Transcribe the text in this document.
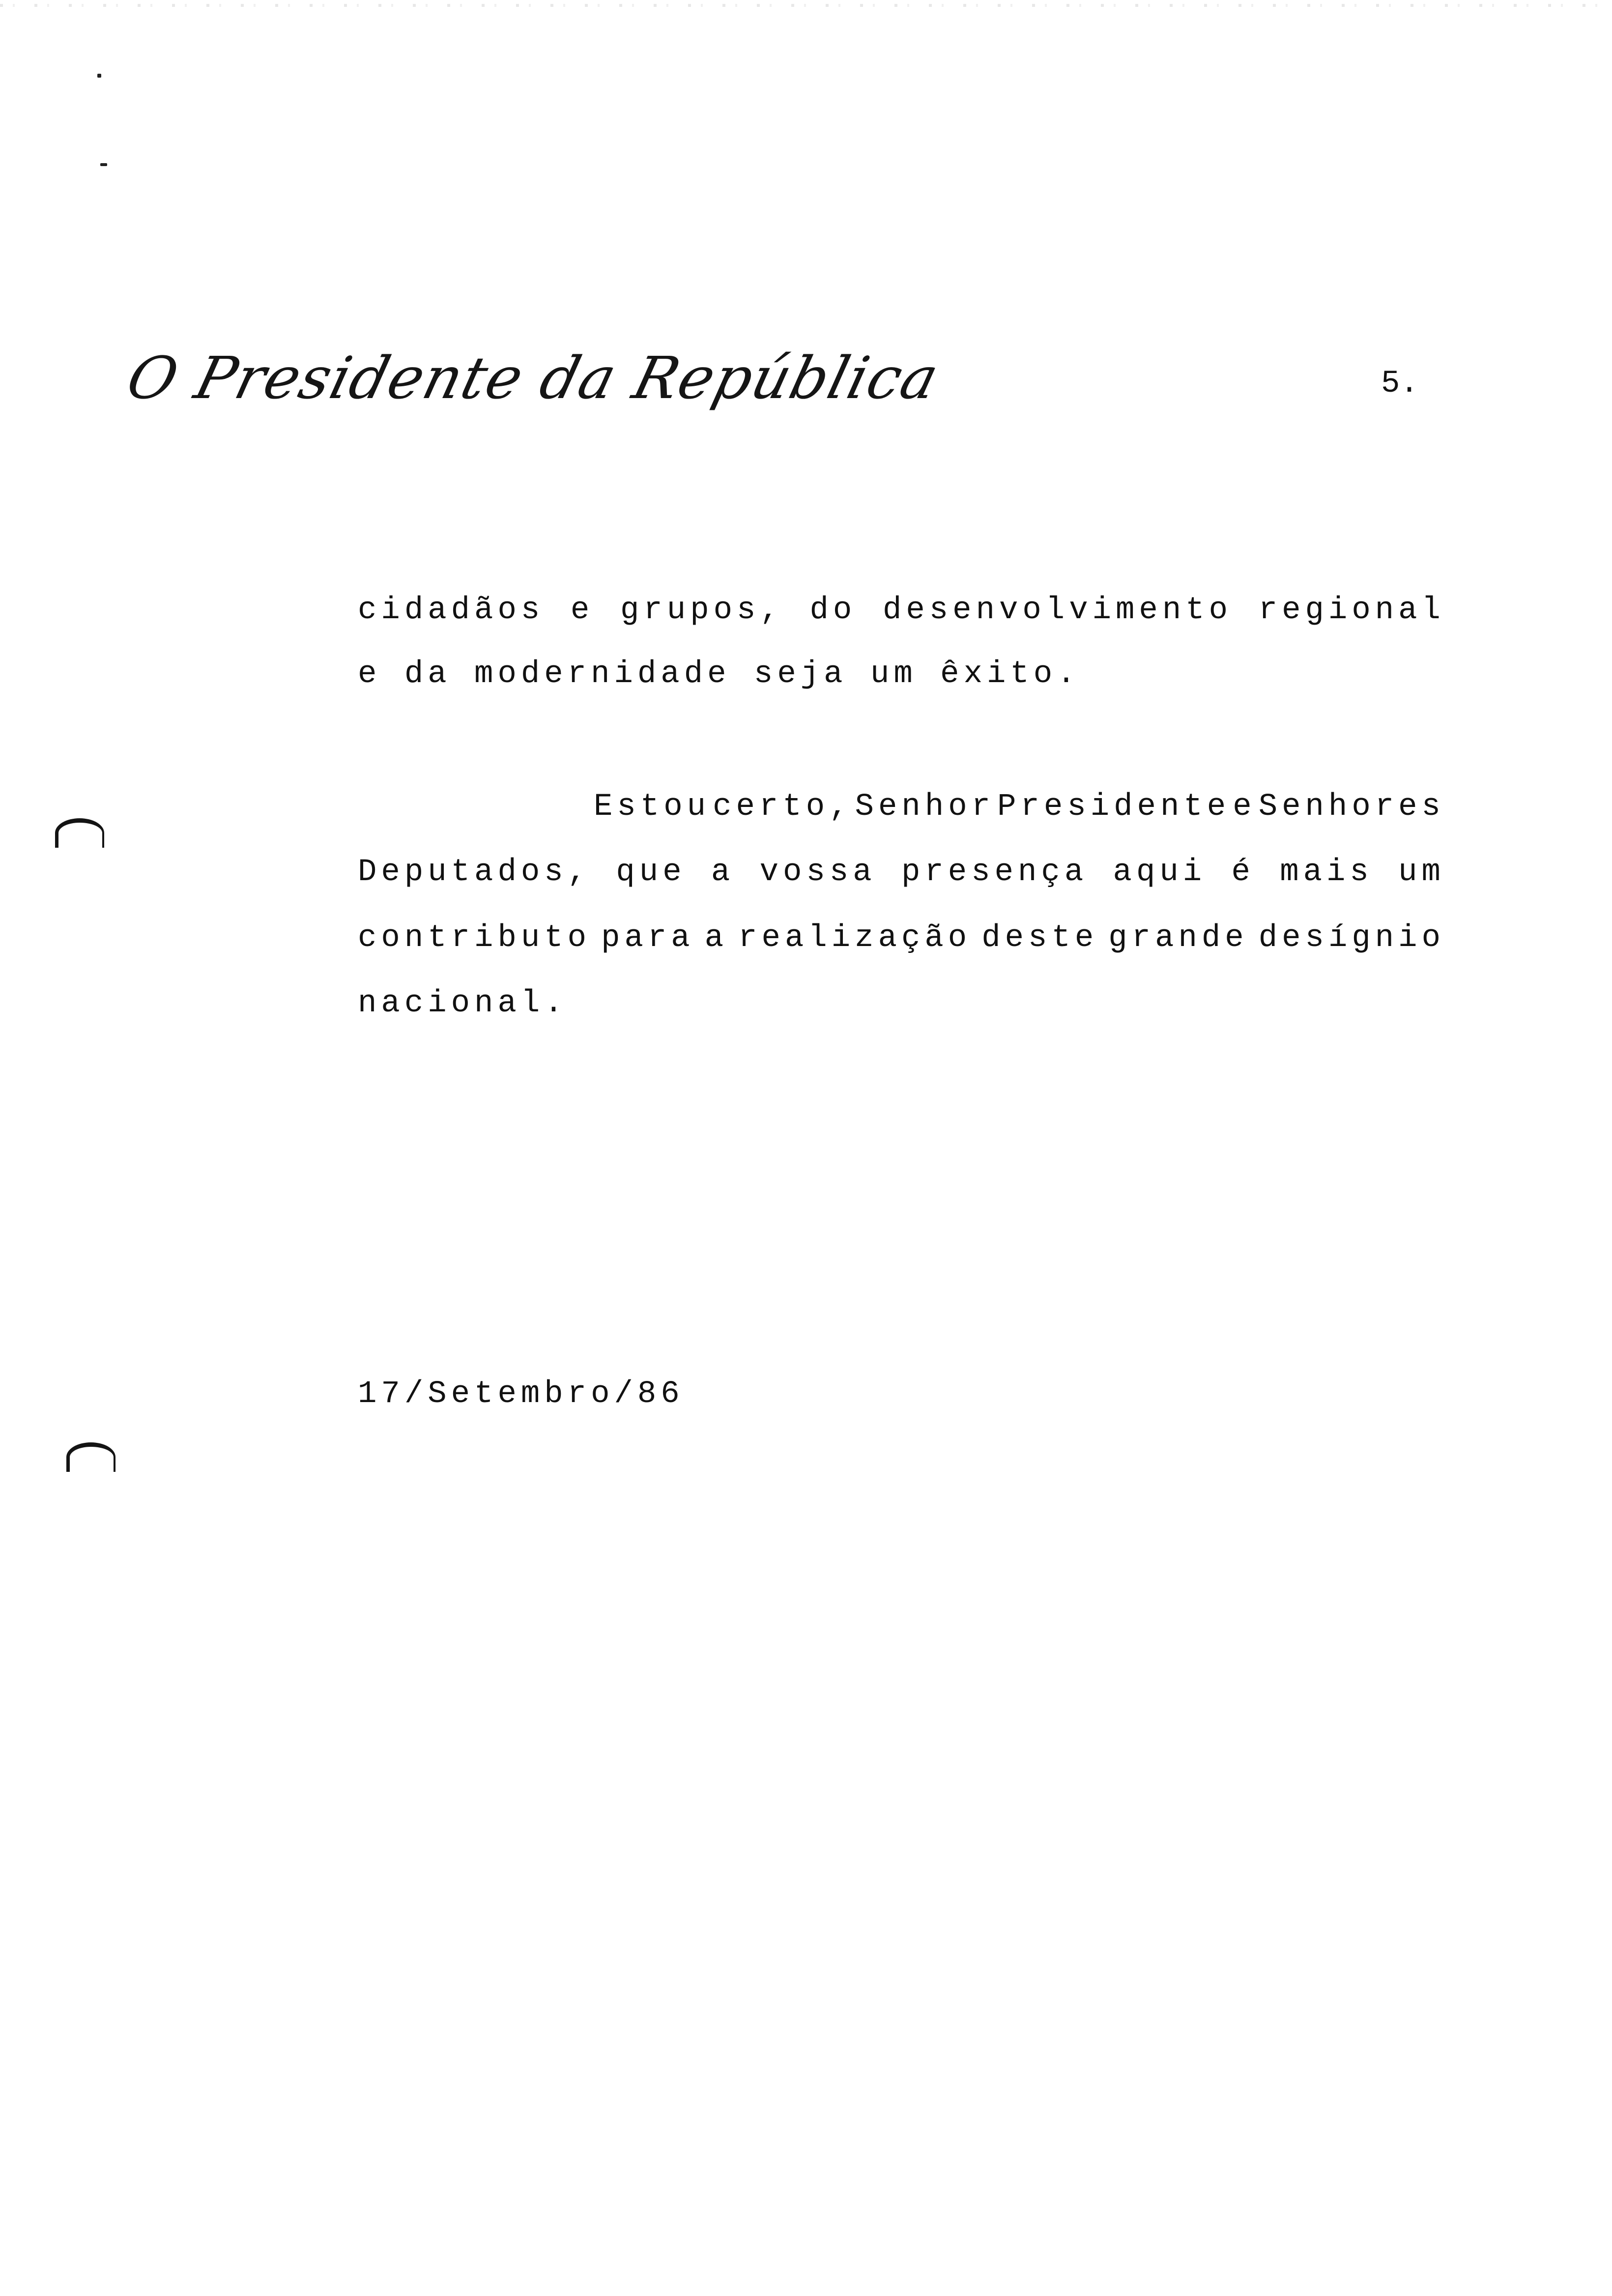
O Presidente da República	5.
cidadãos e grupos, do desenvolvimento regional
e da modernidade seja um êxito.
Estou certo, Senhor Presidente e Senhores
Deputados, que a vossa presença aqui é mais um
contributo para a realização deste grande desígnio
nacional.
17/Setembro/86
